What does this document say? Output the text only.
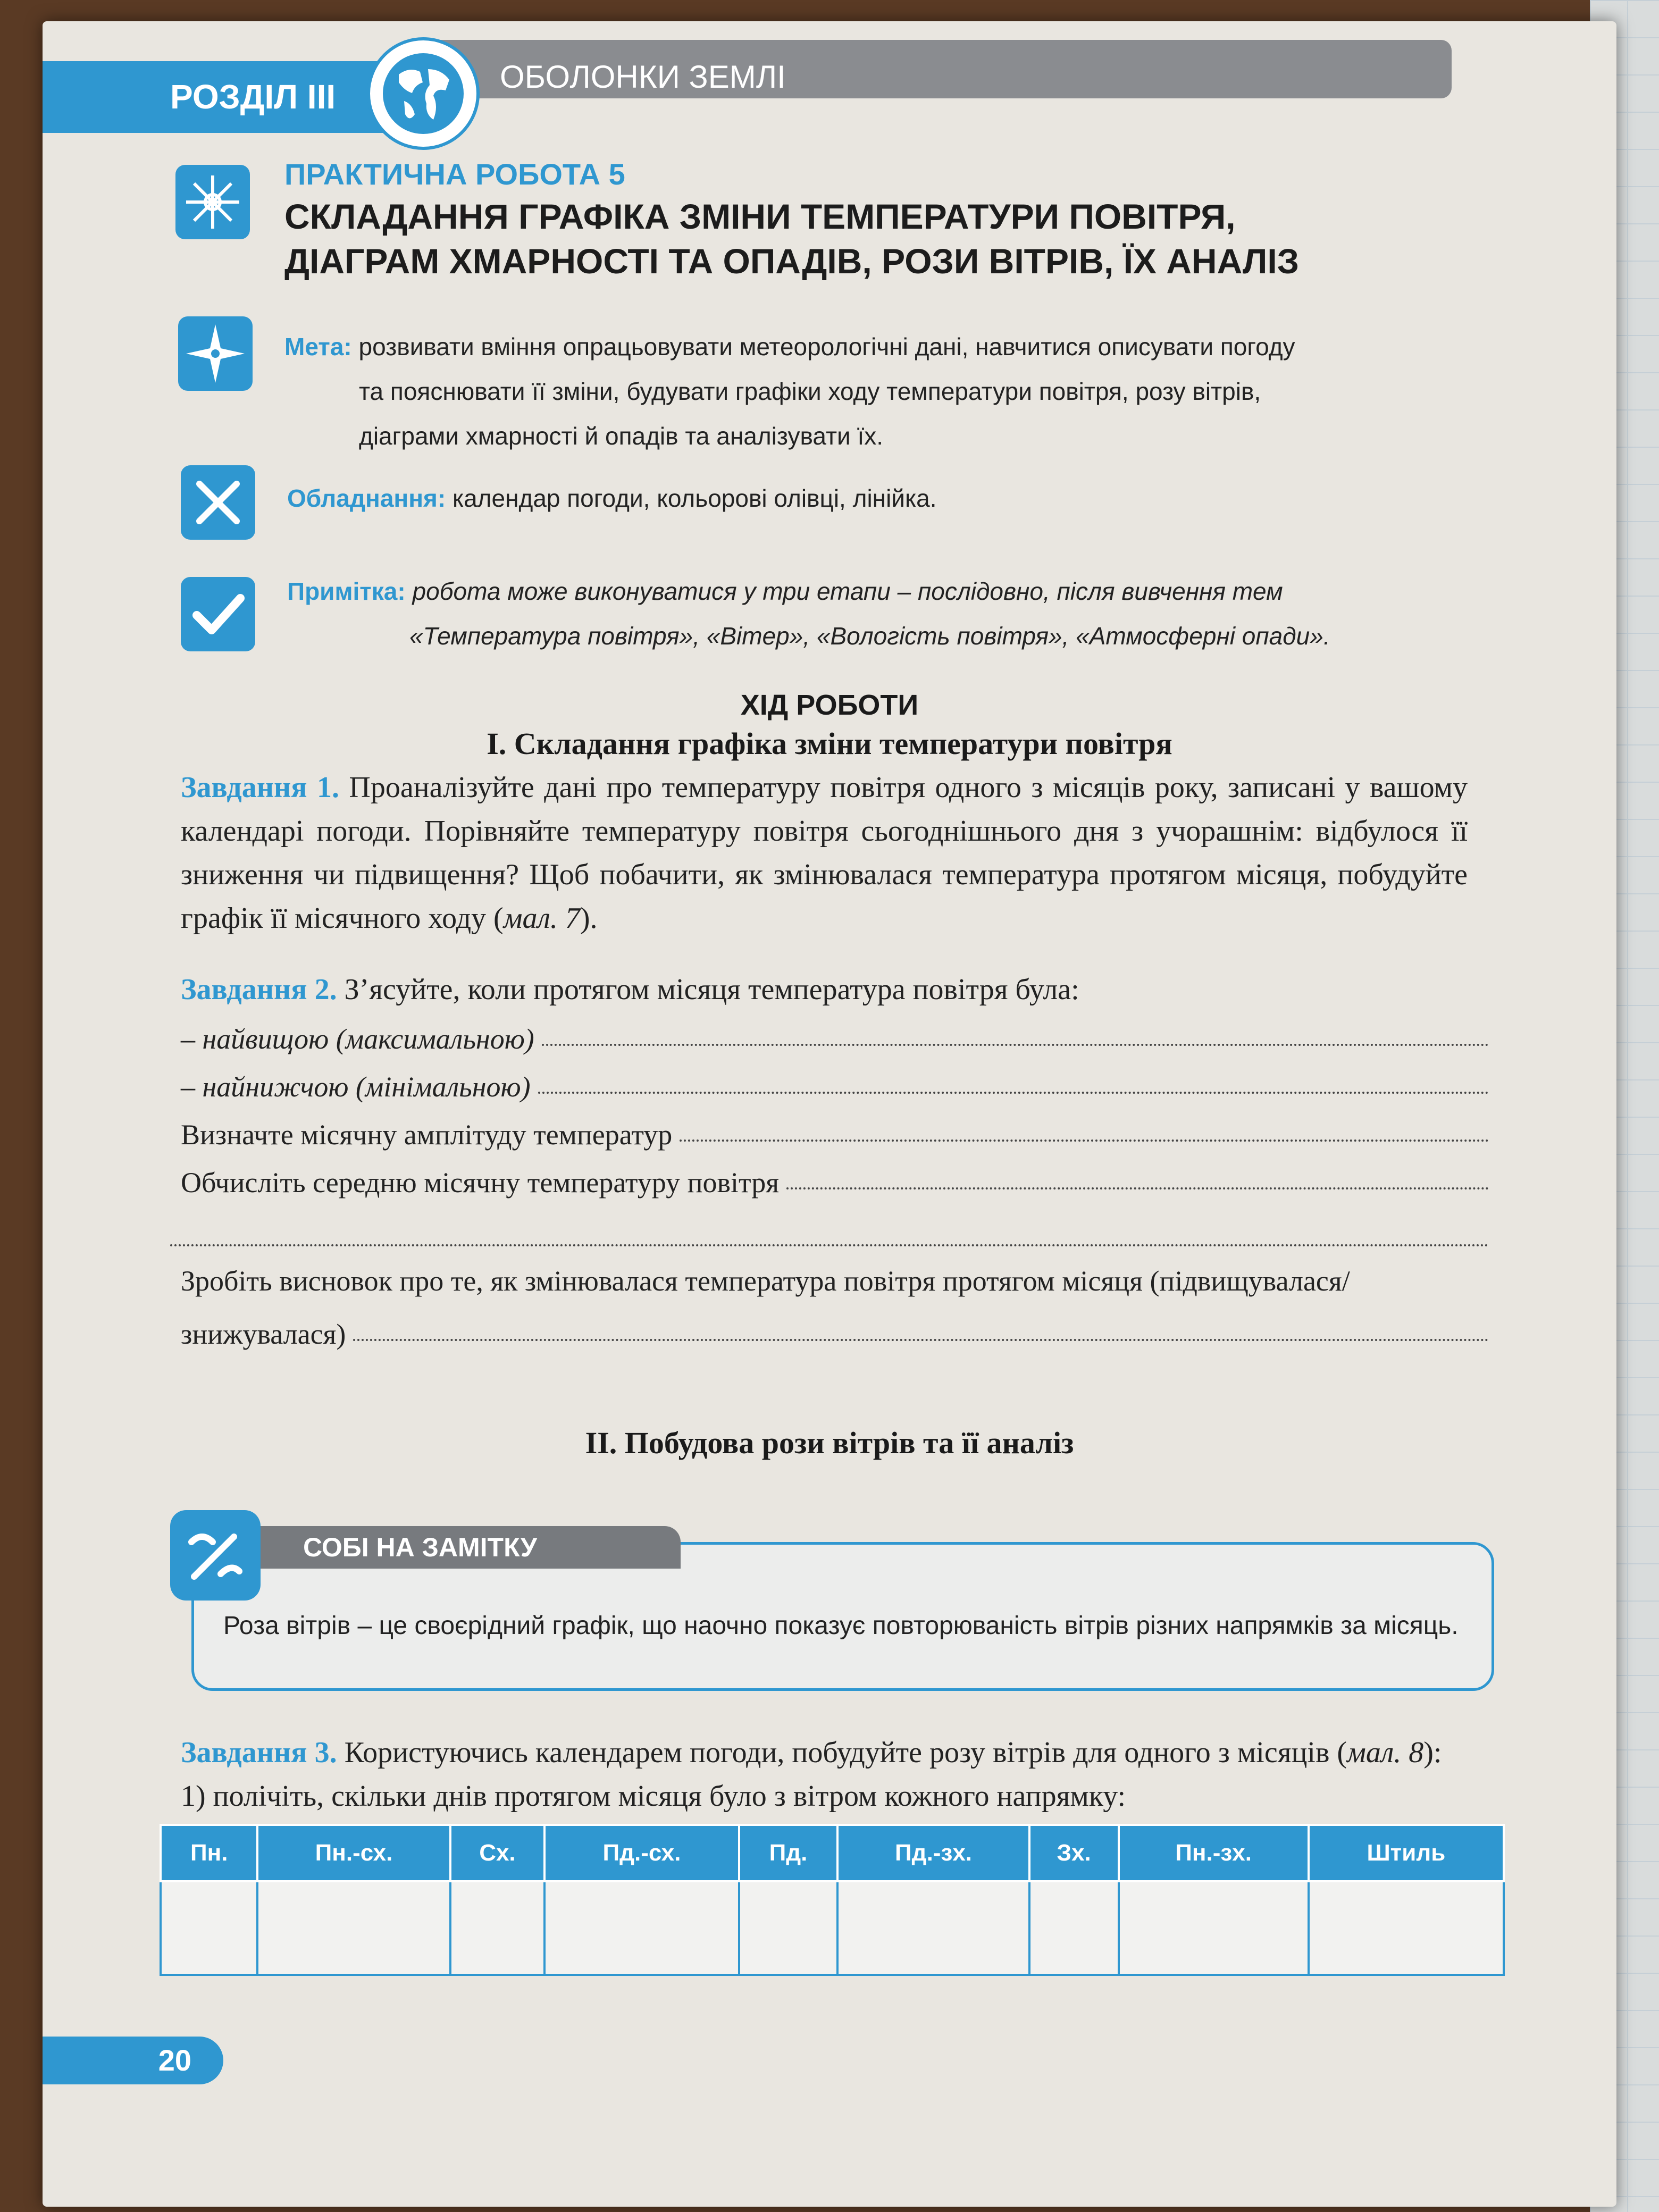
РОЗДІЛ ІІІ
ОБОЛОНКИ ЗЕМЛІ
ПРАКТИЧНА РОБОТА 5
СКЛАДАННЯ ГРАФІКА ЗМІНИ ТЕМПЕРАТУРИ ПОВІТРЯ,
ДІАГРАМ ХМАРНОСТІ ТА ОПАДІВ, РОЗИ ВІТРІВ, ЇХ АНАЛІЗ
Мета: розвивати вміння опрацьовувати метеорологічні дані, навчитися описувати погоду
та пояснювати її зміни, будувати графіки ходу температури повітря, розу вітрів,
діаграми хмарності й опадів та аналізувати їх.
Обладнання: календар погоди, кольорові олівці, лінійка.
Примітка: робота може виконуватися у три етапи – послідовно, після вивчення тем
«Температура повітря», «Вітер», «Вологість повітря», «Атмосферні опади».
ХІД РОБОТИ
І. Складання графіка зміни температури повітря
Завдання 1. Проаналізуйте дані про температуру повітря одного з місяців року, записані у вашому календарі погоди. Порівняйте температуру повітря сьогоднішнього дня з учорашнім: відбулося її зниження чи підвищення? Щоб побачити, як змінювалася температура протягом місяця, побудуйте графік її місячного ходу (мал. 7).
Завдання 2. З’ясуйте, коли протягом місяця температура повітря була:
– найвищою (максимальною)
– найнижчою (мінімальною)
Визначте місячну амплітуду температур
Обчисліть середню місячну температуру повітря
Зробіть висновок про те, як змінювалася температура повітря протягом місяця (підвищувалася/
знижувалася)
ІІ. Побудова рози вітрів та її аналіз
СОБІ НА ЗАМІТКУ
Роза вітрів – це своєрідний графік, що наочно показує повторюваність вітрів різних напрямків за місяць.
Завдання 3. Користуючись календарем погоди, побудуйте розу вітрів для одного з місяців (мал. 8):
1) полічіть, скільки днів протягом місяця було з вітром кожного напрямку:
Пн.	Пн.-сх.	Сх.	Пд.-сх.	Пд.	Пд.-зх.	Зх.	Пн.-зх.	Штиль

20
